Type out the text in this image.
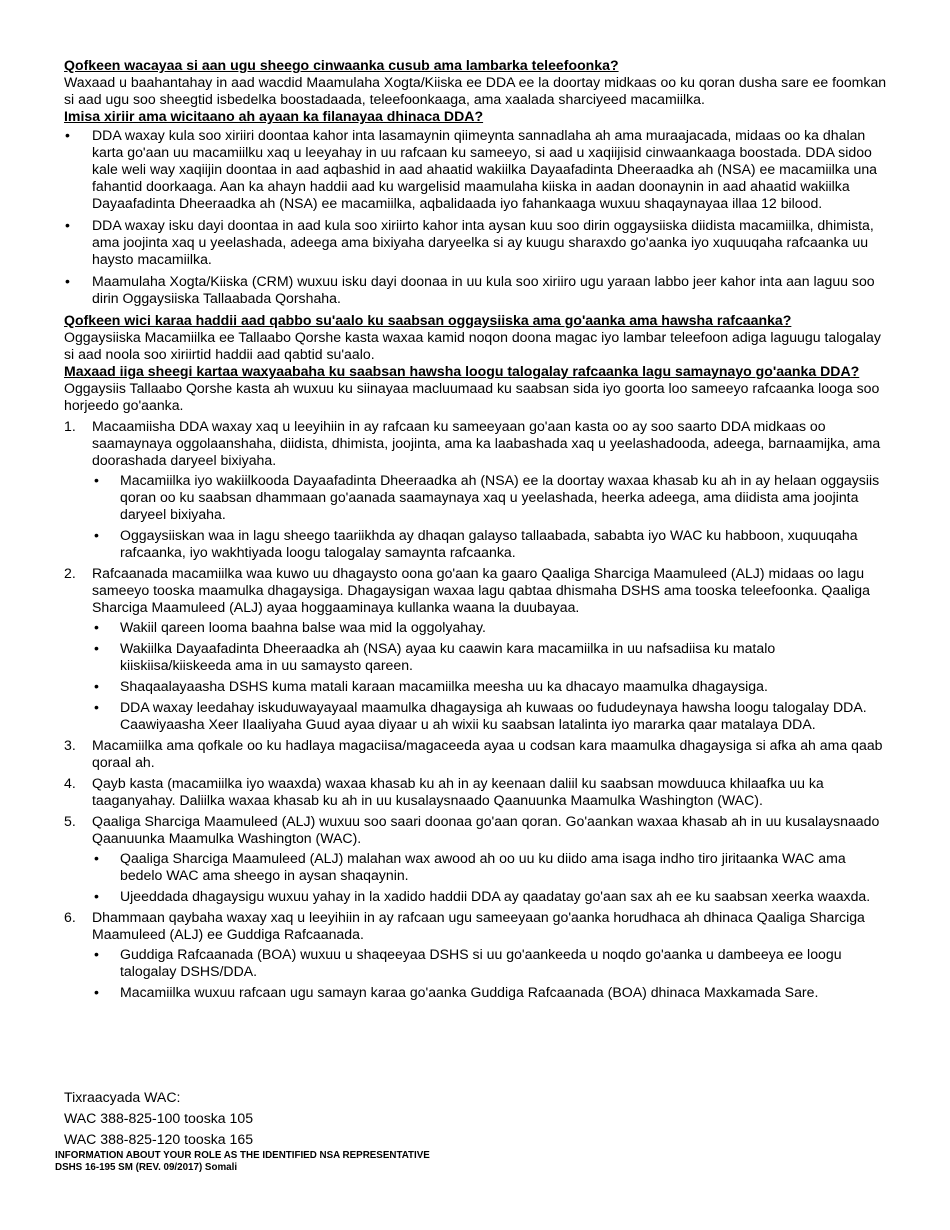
Qofkeen wacayaa si aan ugu sheego cinwaanka cusub ama lambarka teleefoonka?

Waxaad u baahantahay in aad wacdid Maamulaha Xogta/Kiiska ee DDA ee la doortay midkaas oo ku qoran dusha sare ee foomkan si aad ugu soo sheegtid isbedelka boostadaada, teleefoonkaaga, ama xaalada sharciyeed macamiilka.

Imisa xiriir ama wicitaano ah ayaan ka filanayaa dhinaca DDA?

• DDA waxay kula soo xiriiri doontaa kahor inta lasamaynin qiimeynta sannadlaha ah ama muraajacada, midaas oo ka dhalan karta go'aan uu macamiilku xaq u leeyahay in uu rafcaan ku sameeyo, si aad u xaqiijisid cinwaankaaga boostada. DDA sidoo kale weli way xaqiijin doontaa in aad aqbashid in aad ahaatid wakiilka Dayaafadinta Dheeraadka ah (NSA) ee macamiilka una fahantid doorkaaga. Aan ka ahayn haddii aad ku wargelisid maamulaha kiiska in aadan doonaynin in aad ahaatid wakiilka Dayaafadinta Dheeraadka ah (NSA) ee macamiilka, aqbalidaada iyo fahankaaga wuxuu shaqaynayaa illaa 12 bilood.
• DDA waxay isku dayi doontaa in aad kula soo xiriirto kahor inta aysan kuu soo dirin oggaysiiska diidista macamiilka, dhimista, ama joojinta xaq u yeelashada, adeega ama bixiyaha daryeelka si ay kuugu sharaxdo go'aanka iyo xuquuqaha rafcaanka uu haysto macamiilka.
• Maamulaha Xogta/Kiiska (CRM) wuxuu isku dayi doonaa in uu kula soo xiriiro ugu yaraan labbo jeer kahor inta aan laguu soo dirin Oggaysiiska Tallaabada Qorshaha.

Qofkeen wici karaa haddii aad qabbo su'aalo ku saabsan oggaysiiska ama go'aanka ama hawsha rafcaanka?

Oggaysiiska Macamiilka ee Tallaabo Qorshe kasta waxaa kamid noqon doona magac iyo lambar teleefoon adiga laguugu talogalay si aad noola soo xiriirtid haddii aad qabtid su'aalo.

Maxaad iiga sheegi kartaa waxyaabaha ku saabsan hawsha loogu talogalay rafcaanka lagu samaynayo go'aanka DDA?

Oggaysiis Tallaabo Qorshe kasta ah wuxuu ku siinayaa macluumaad ku saabsan sida iyo goorta loo sameeyo rafcaanka looga soo horjeedo go'aanka.

1. Macaamiisha DDA waxay xaq u leeyihiin in ay rafcaan ku sameeyaan go'aan kasta oo ay soo saarto DDA midkaas oo saamaynaya oggolaanshaha, diidista, dhimista, joojinta, ama ka laabashada xaq u yeelashadooda, adeega, barnaamijka, ama doorashada daryeel bixiyaha.
• Macamiilka iyo wakiilkooda Dayaafadinta Dheeraadka ah (NSA) ee la doortay waxaa khasab ku ah in ay helaan oggaysiis qoran oo ku saabsan dhammaan go'aanada saamaynaya xaq u yeelashada, heerka adeega, ama diidista ama joojinta daryeel bixiyaha.
• Oggaysiiskan waa in lagu sheego taariikhda ay dhaqan galayso tallaabada, sababta iyo WAC ku habboon, xuquuqaha rafcaanka, iyo wakhtiyada loogu talogalay samaynta rafcaanka.
2. Rafcaanada macamiilka waa kuwo uu dhagaysto oona go'aan ka gaaro Qaaliga Sharciga Maamuleed (ALJ) midaas oo lagu sameeyo tooska maamulka dhagaysiga. Dhagaysigan waxaa lagu qabtaa dhismaha DSHS ama tooska teleefoonka. Qaaliga Sharciga Maamuleed (ALJ) ayaa hoggaaminaya kullanka waana la duubayaa.
• Wakiil qareen looma baahna balse waa mid la oggolyahay.
• Wakiilka Dayaafadinta Dheeraadka ah (NSA) ayaa ku caawin kara macamiilka in uu nafsadiisa ku matalo kiiskiisa/kiiskeeda ama in uu samaysto qareen.
• Shaqaalayaasha DSHS kuma matali karaan macamiilka meesha uu ka dhacayo maamulka dhagaysiga.
• DDA waxay leedahay iskuduwayayaal maamulka dhagaysiga ah kuwaas oo fududeynaya hawsha loogu talogalay DDA. Caawiyaasha Xeer Ilaaliyaha Guud ayaa diyaar u ah wixii ku saabsan latalinta iyo mararka qaar matalaya DDA.
3. Macamiilka ama qofkale oo ku hadlaya magaciisa/magaceeda ayaa u codsan kara maamulka dhagaysiga si afka ah ama qaab qoraal ah.
4. Qayb kasta (macamiilka iyo waaxda) waxaa khasab ku ah in ay keenaan daliil ku saabsan mowduuca khilaafka uu ka taaganyahay. Daliilka waxaa khasab ku ah in uu kusalaysnaado Qaanuunka Maamulka Washington (WAC).
5. Qaaliga Sharciga Maamuleed (ALJ) wuxuu soo saari doonaa go'aan qoran. Go'aankan waxaa khasab ah in uu kusalaysnaado Qaanuunka Maamulka Washington (WAC).
• Qaaliga Sharciga Maamuleed (ALJ) malahan wax awood ah oo uu ku diido ama isaga indho tiro jiritaanka WAC ama bedelo WAC ama sheego in aysan shaqaynin.
• Ujeeddada dhagaysigu wuxuu yahay in la xadido haddii DDA ay qaadatay go'aan sax ah ee ku saabsan xeerka waaxda.
6. Dhammaan qaybaha waxay xaq u leeyihiin in ay rafcaan ugu sameeyaan go'aanka horudhaca ah dhinaca Qaaliga Sharciga Maamuleed (ALJ) ee Guddiga Rafcaanada.
• Guddiga Rafcaanada (BOA) wuxuu u shaqeeyaa DSHS si uu go'aankeeda u noqdo go'aanka u dambeeya ee loogu talogalay DSHS/DDA.
• Macamiilka wuxuu rafcaan ugu samayn karaa go'aanka Guddiga Rafcaanada (BOA) dhinaca Maxkamada Sare.
Tixraacyada WAC:
WAC 388-825-100 tooska 105
WAC 388-825-120 tooska 165
INFORMATION ABOUT YOUR ROLE AS THE IDENTIFIED NSA REPRESENTATIVE
DSHS 16-195 SM (REV. 09/2017) Somali
